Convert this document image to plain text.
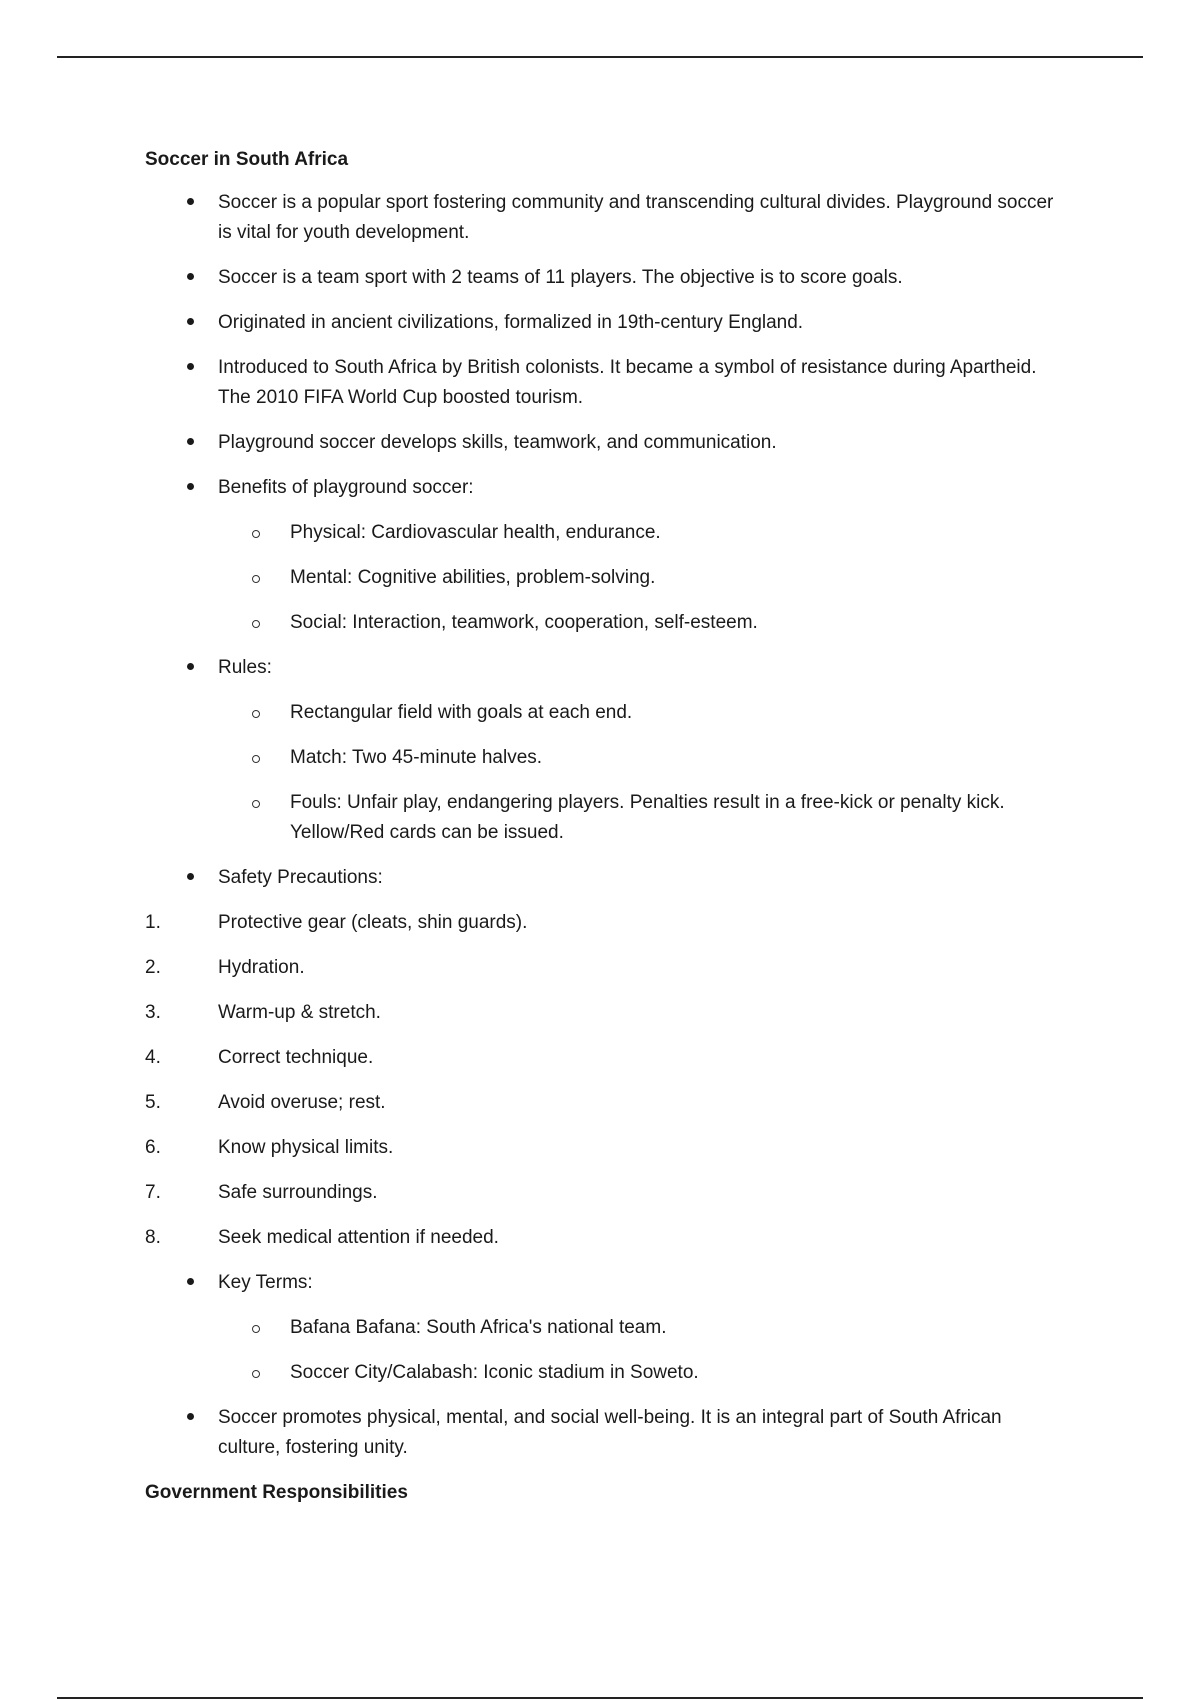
Soccer in South Africa
Soccer is a popular sport fostering community and transcending cultural divides. Playground soccer is vital for youth development.
Soccer is a team sport with 2 teams of 11 players. The objective is to score goals.
Originated in ancient civilizations, formalized in 19th-century England.
Introduced to South Africa by British colonists. It became a symbol of resistance during Apartheid. The 2010 FIFA World Cup boosted tourism.
Playground soccer develops skills, teamwork, and communication.
Benefits of playground soccer:
Physical: Cardiovascular health, endurance.
Mental: Cognitive abilities, problem-solving.
Social: Interaction, teamwork, cooperation, self-esteem.
Rules:
Rectangular field with goals at each end.
Match: Two 45-minute halves.
Fouls: Unfair play, endangering players. Penalties result in a free-kick or penalty kick. Yellow/Red cards can be issued.
Safety Precautions:
1.	Protective gear (cleats, shin guards).
2.	Hydration.
3.	Warm-up & stretch.
4.	Correct technique.
5.	Avoid overuse; rest.
6.	Know physical limits.
7.	Safe surroundings.
8.	Seek medical attention if needed.
Key Terms:
Bafana Bafana: South Africa's national team.
Soccer City/Calabash: Iconic stadium in Soweto.
Soccer promotes physical, mental, and social well-being. It is an integral part of South African culture, fostering unity.
Government Responsibilities
